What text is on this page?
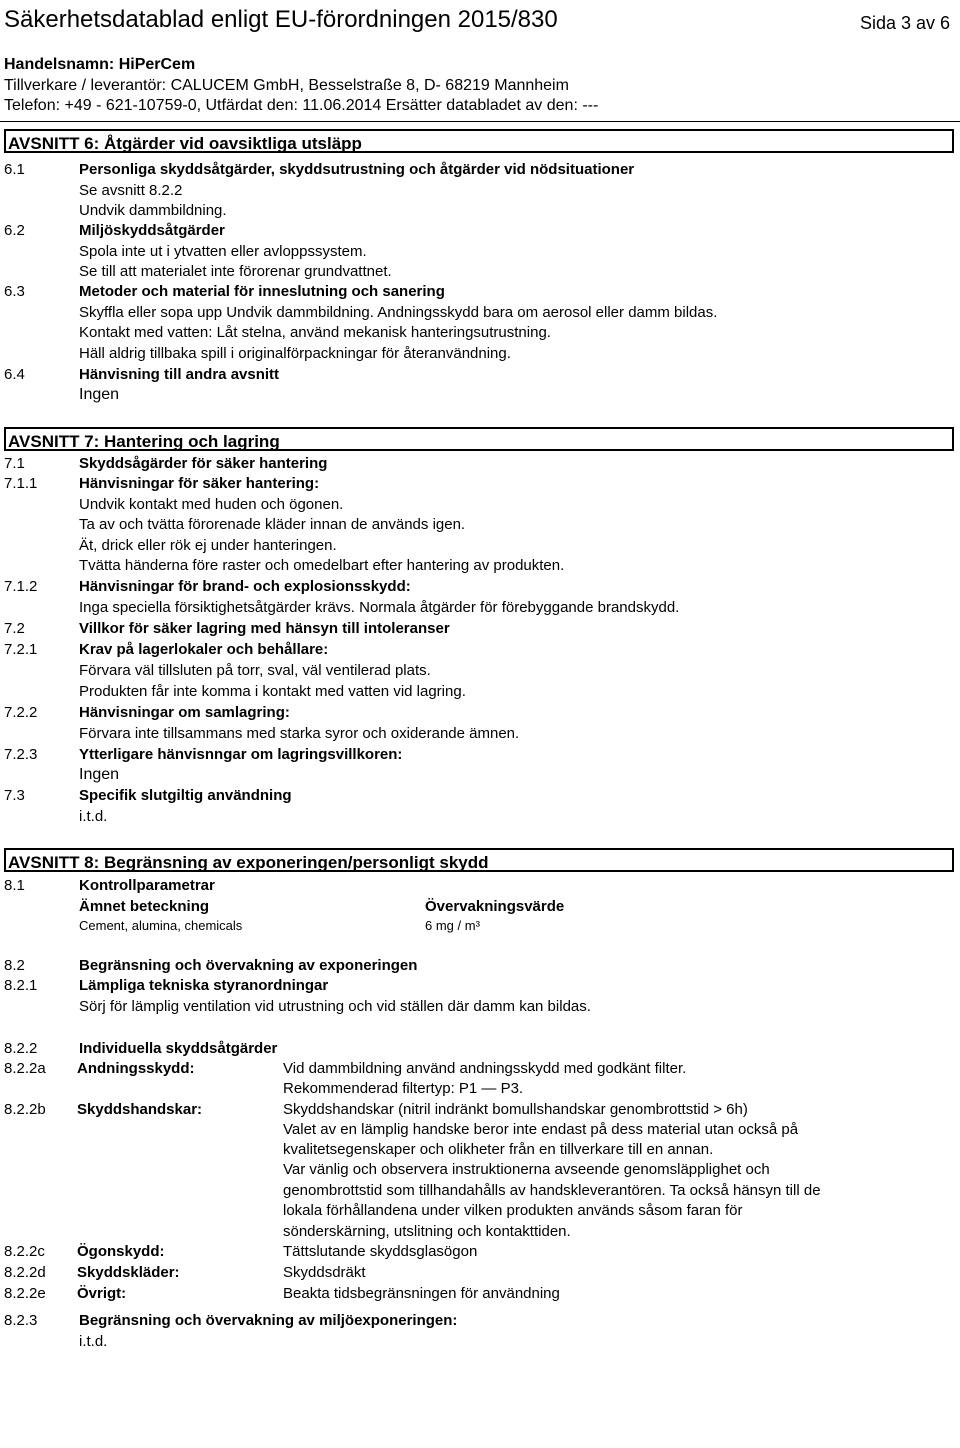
Säkerhetsdatablad enligt EU-förordningen 2015/830	Sida 3 av 6
Handelsnamn: HiPerCem
Tillverkare / leverantör: CALUCEM GmbH, Besselstraße 8, D- 68219 Mannheim
Telefon: +49 - 621-10759-0, Utfärdat den: 11.06.2014 Ersätter databladet av den: ---
AVSNITT 6: Åtgärder vid oavsiktliga utsläpp
6.1	Personliga skyddsåtgärder, skyddsutrustning och åtgärder vid nödsituationer
Se avsnitt 8.2.2
Undvik dammbildning.
6.2	Miljöskyddsåtgärder
Spola inte ut i ytvatten eller avloppssystem.
Se till att materialet inte förorenar grundvattnet.
6.3	Metoder och material för inneslutning och sanering
Skyffla eller sopa upp Undvik dammbildning. Andningsskydd bara om aerosol eller damm bildas.
Kontakt med vatten: Låt stelna, använd mekanisk hanteringsutrustning.
Häll aldrig tillbaka spill i originalförpackningar för återanvändning.
6.4	Hänvisning till andra avsnitt
Ingen
AVSNITT 7: Hantering och lagring
7.1	Skyddsågärder för säker hantering
7.1.1	Hänvisningar för säker hantering:
Undvik kontakt med huden och ögonen.
Ta av och tvätta förorenade kläder innan de används igen.
Ät, drick eller rök ej under hanteringen.
Tvätta händerna före raster och omedelbart efter hantering av produkten.
7.1.2	Hänvisningar för brand- och explosionsskydd:
Inga speciella försiktighetsåtgärder krävs. Normala åtgärder för förebyggande brandskydd.
7.2	Villkor för säker lagring med hänsyn till intoleranser
7.2.1	Krav på lagerlokaler och behållare:
Förvara väl tillsluten på torr, sval, väl ventilerad plats.
Produkten får inte komma i kontakt med vatten vid lagring.
7.2.2	Hänvisningar om samlagring:
Förvara inte tillsammans med starka syror och oxiderande ämnen.
7.2.3	Ytterligare hänvisnngar om lagringsvillkoren:
Ingen
7.3	Specifik slutgiltig användning
i.t.d.
AVSNITT 8: Begränsning av exponeringen/personligt skydd
8.1	Kontrollparametrar
Ämnet beteckning	Övervakningsvärde
Cement, alumina, chemicals	6 mg / m³
8.2	Begränsning och övervakning av exponeringen
8.2.1	Lämpliga tekniska styranordningar
Sörj för lämplig ventilation vid utrustning och vid ställen där damm kan bildas.
8.2.2	Individuella skyddsåtgärder
8.2.2a Andningsskydd:	Vid dammbildning använd andningsskydd med godkänt filter.
Rekommenderad filtertyp: P1 — P3.
8.2.2b Skyddshandskar:	Skyddshandskar (nitril indränkt bomullshandskar genombrottstid > 6h)
Valet av en lämplig handske beror inte endast på dess material utan också på
kvalitetsegenskaper och olikheter från en tillverkare till en annan.
Var vänlig och observera instruktionerna avseende genomsläpplighet och
genombrottstid som tillhandahålls av handskleverantören. Ta också hänsyn till de
lokala förhållandena under vilken produkten används såsom faran för
sönderskärning, utslitning och kontakttiden.
8.2.2c Ögonskydd:	Tättslutande skyddsglasögon
8.2.2d Skyddskläder:	Skyddsdräkt
8.2.2e Övrigt:	Beakta tidsbegränsningen för användning
8.2.3	Begränsning och övervakning av miljöexponeringen:
i.t.d.
